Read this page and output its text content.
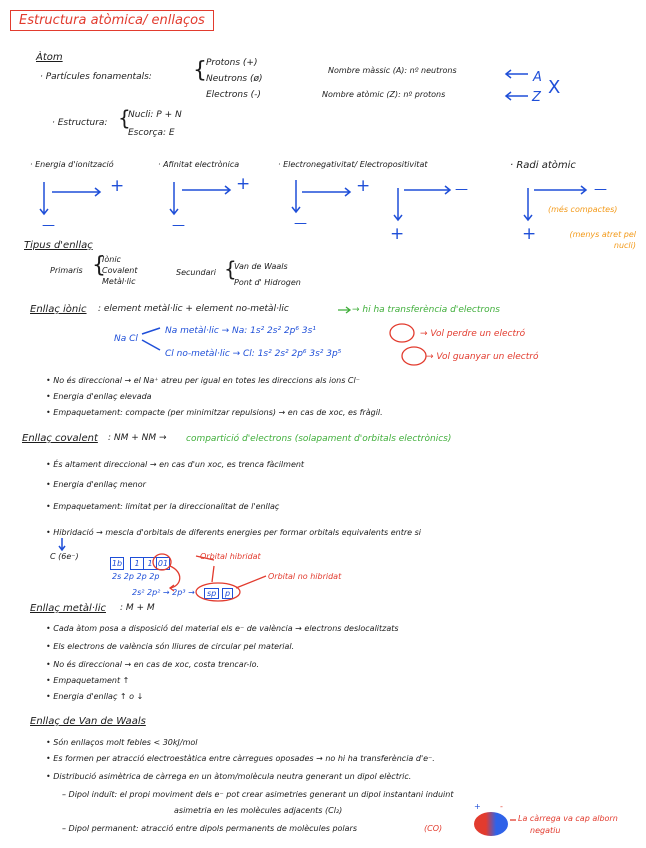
Estructura atòmica/ enllaços
Àtom
· Partícules fonamentals: { Protons (+)
Neutrons (ø)
Electrons (-)
Nombre màssic (A): nº neutrons
Nombre atòmic (Z): nº protons
A
Z X
· Estructura: {
Nucli: P + N
Escorça: E
· Energia d'ionització	· Afinitat electrònica	· Electronegativitat/ Electropositivitat	· Radi atòmic
+
—
+
—
+
—
—
+
—
+
(més compactes)
(menys atret pel nucli)
Tipus d'enllaç
Primaris {
Iònic
Covalent
Metàl·lic
Secundari {
Van de Waals
Pont d' Hidrogen
Enllaç iònic : element metàl·lic + element no-metàl·lic	→ hi ha transferència d'electrons
Na Cl
Na metàl·lic → Na: 1s² 2s² 2p⁶ 3s¹	→ Vol perdre un electró
Cl no-metàl·lic → Cl: 1s² 2s² 2p⁶ 3s² 3p⁵	→ Vol guanyar un electró
• No és direccional → el Na⁺ atreu per igual en totes les direccions als ions Cl⁻
• Energia d'enllaç elevada
• Empaquetament: compacte (per minimitzar repulsions) → en cas de xoc, es fràgil.
Enllaç covalent : NM + NM → compartició d'electrons (solapament d'orbitals electrònics)
• És altament direccional → en cas d'un xoc, es trenca fàcilment
• Energia d'enllaç menor
• Empaquetament: limitat per la direccionalitat de l'enllaç
• Hibridació → mescla d'orbitals de diferents energies per formar orbitals equivalents entre si
C (6e⁻)
1b	1 1 01
2s 2p 2p 2p
2s² 2p² → 2p³ →	sp	p
Orbital hibridat
Orbital no hibridat
Enllaç metàl·lic : M + M
• Cada àtom posa a disposició del material els e⁻ de valència → electrons deslocalitzats
• Els electrons de valència són lliures de circular pel material.
• No és direccional → en cas de xoc, costa trencar-lo.
• Empaquetament ↑
• Energia d'enllaç ↑ o ↓
Enllaç de Van de Waals
• Són enllaços molt febles < 30kJ/mol
• Es formen per atracció electroestàtica entre càrregues oposades → no hi ha transferència d'e⁻.
• Distribució asimètrica de càrrega en un àtom/molècula neutra generant un dipol elèctric.
– Dipol induït: el propi moviment dels e⁻ pot crear asimetries generant un dipol instantani induint
asimetria en les molècules adjacents (Cl₂)
– Dipol permanent: atracció entre dipols permanents de molècules polars	(CO)
La càrrega va cap alborn
negatiu
+ -
